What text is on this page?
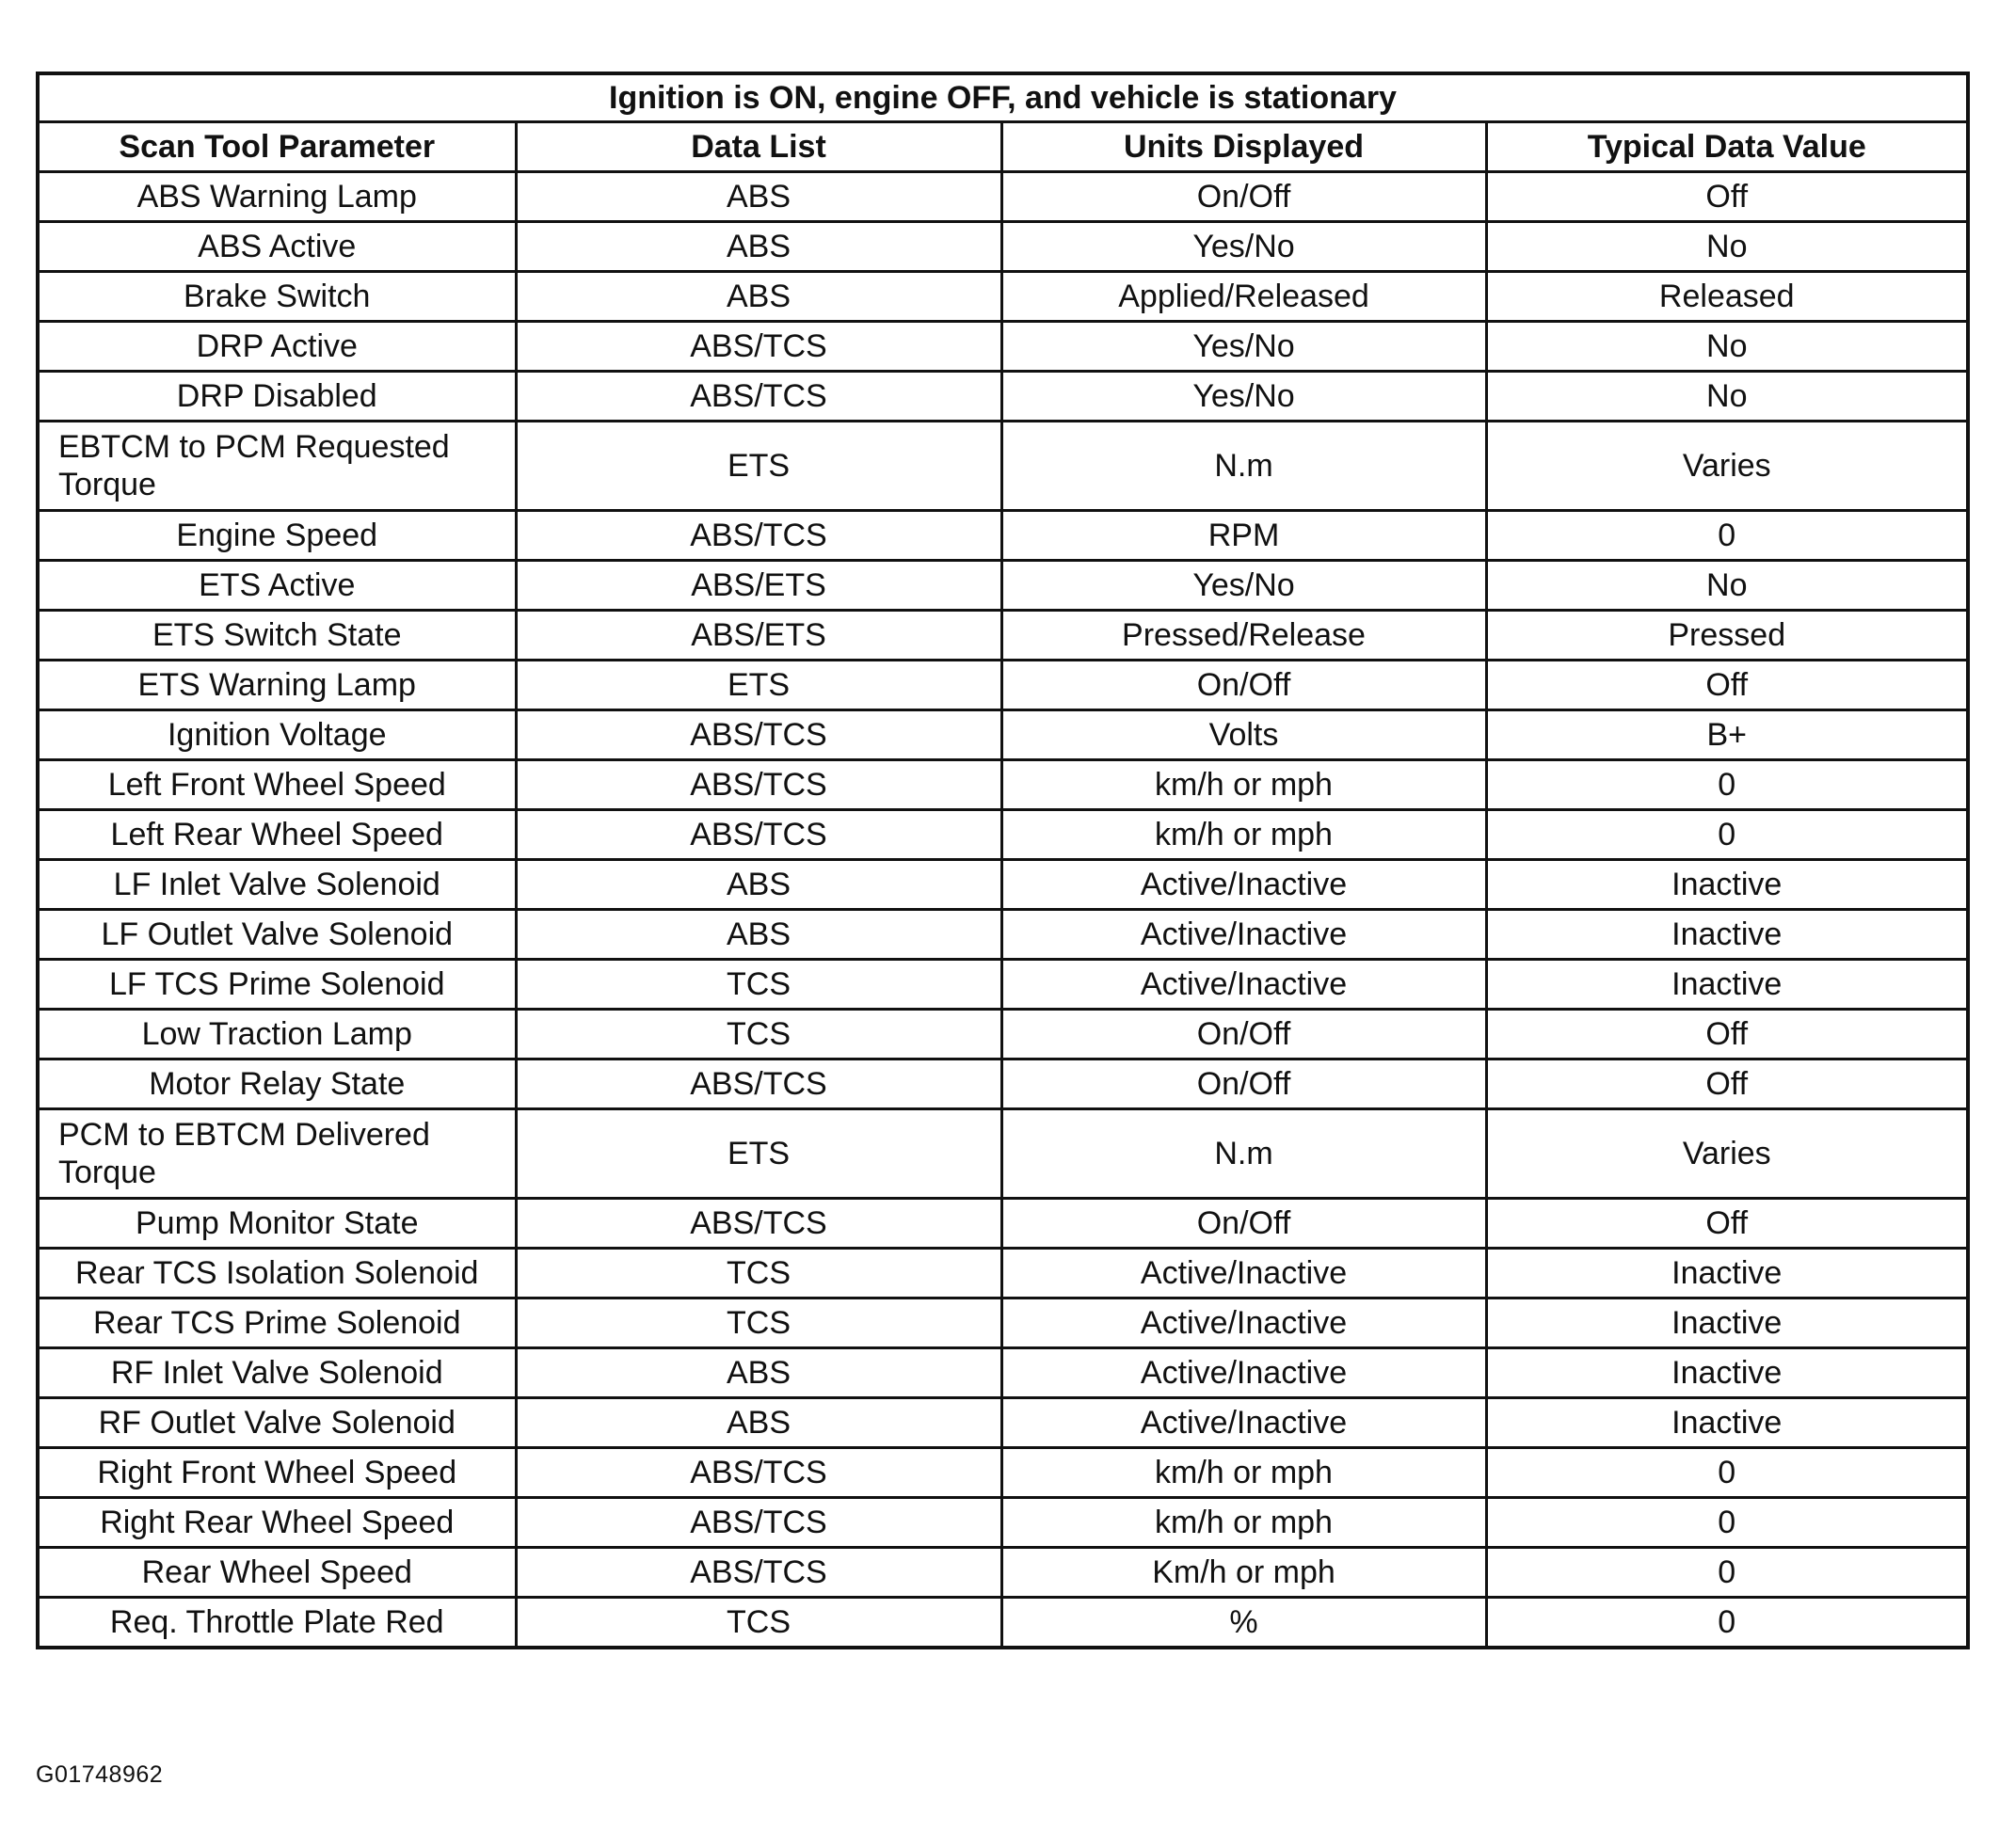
Ignition is ON, engine OFF, and vehicle is stationary			
Scan Tool Parameter	Data List	Units Displayed	Typical Data Value
ABS Warning Lamp	ABS	On/Off	Off
ABS Active	ABS	Yes/No	No
Brake Switch	ABS	Applied/Released	Released
DRP Active	ABS/TCS	Yes/No	No
DRP Disabled	ABS/TCS	Yes/No	No
EBTCM to PCM Requested Torque	ETS	N.m	Varies
Engine Speed	ABS/TCS	RPM	0
ETS Active	ABS/ETS	Yes/No	No
ETS Switch State	ABS/ETS	Pressed/Release	Pressed
ETS Warning Lamp	ETS	On/Off	Off
Ignition Voltage	ABS/TCS	Volts	B+
Left Front Wheel Speed	ABS/TCS	km/h or mph	0
Left Rear Wheel Speed	ABS/TCS	km/h or mph	0
LF Inlet Valve Solenoid	ABS	Active/Inactive	Inactive
LF Outlet Valve Solenoid	ABS	Active/Inactive	Inactive
LF TCS Prime Solenoid	TCS	Active/Inactive	Inactive
Low Traction Lamp	TCS	On/Off	Off
Motor Relay State	ABS/TCS	On/Off	Off
PCM to EBTCM Delivered Torque	ETS	N.m	Varies
Pump Monitor State	ABS/TCS	On/Off	Off
Rear TCS Isolation Solenoid	TCS	Active/Inactive	Inactive
Rear TCS Prime Solenoid	TCS	Active/Inactive	Inactive
RF Inlet Valve Solenoid	ABS	Active/Inactive	Inactive
RF Outlet Valve Solenoid	ABS	Active/Inactive	Inactive
Right Front Wheel Speed	ABS/TCS	km/h or mph	0
Right Rear Wheel Speed	ABS/TCS	km/h or mph	0
Rear Wheel Speed	ABS/TCS	Km/h or mph	0
Req. Throttle Plate Red	TCS	%	0
G01748962
